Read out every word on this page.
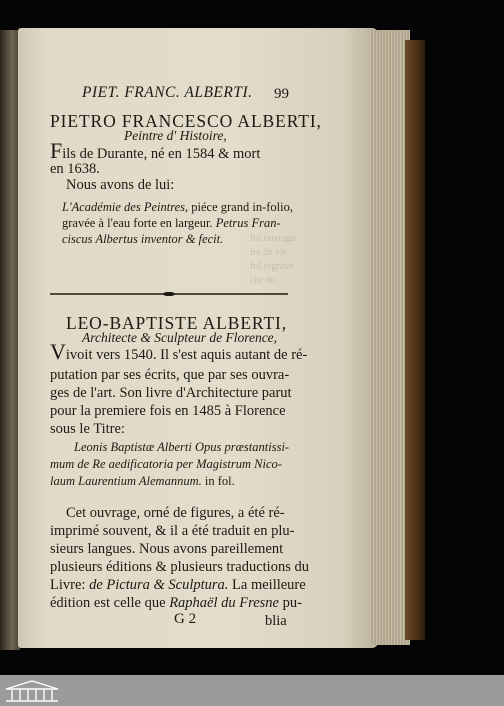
PIET. FRANC. ALBERTI. 99
PIETRO FRANCESCO ALBERTI,
Peintre d' Histoire,
Fils de Durante, né en 1584 & mort
en 1638.
Nous avons de lui:
L'Académie des Peintres, piéce grand in-folio,
gravée à l'eau forte en largeur. Petrus Fran-
ciscus Albertus inventor & fecit.	fol ouvrage
ire de vie
fol regravé
chr de
LEO-BAPTISTE ALBERTI,
Architecte & Sculpteur de Florence,
Vivoit vers 1540. Il s'est aquis autant de ré-
putation par ses écrits, que par ses ouvra-
ges de l'art. Son livre d'Architecture parut
pour la premiere fois en 1485 à Florence
sous le Titre:
Leonis Baptistæ Alberti Opus præstantissi-
mum de Re aedificatoria per Magistrum Nico-
laum Laurentium Alemannum. in fol.
Cet ouvrage, orné de figures, a été ré-
imprimé souvent, & il a été traduit en plu-
sieurs langues. Nous avons pareillement
plusieurs éditions & plusieurs traductions du
Livre: de Pictura & Sculptura. La meilleure
édition est celle que Raphaël du Fresne pu-
G 2	blia
